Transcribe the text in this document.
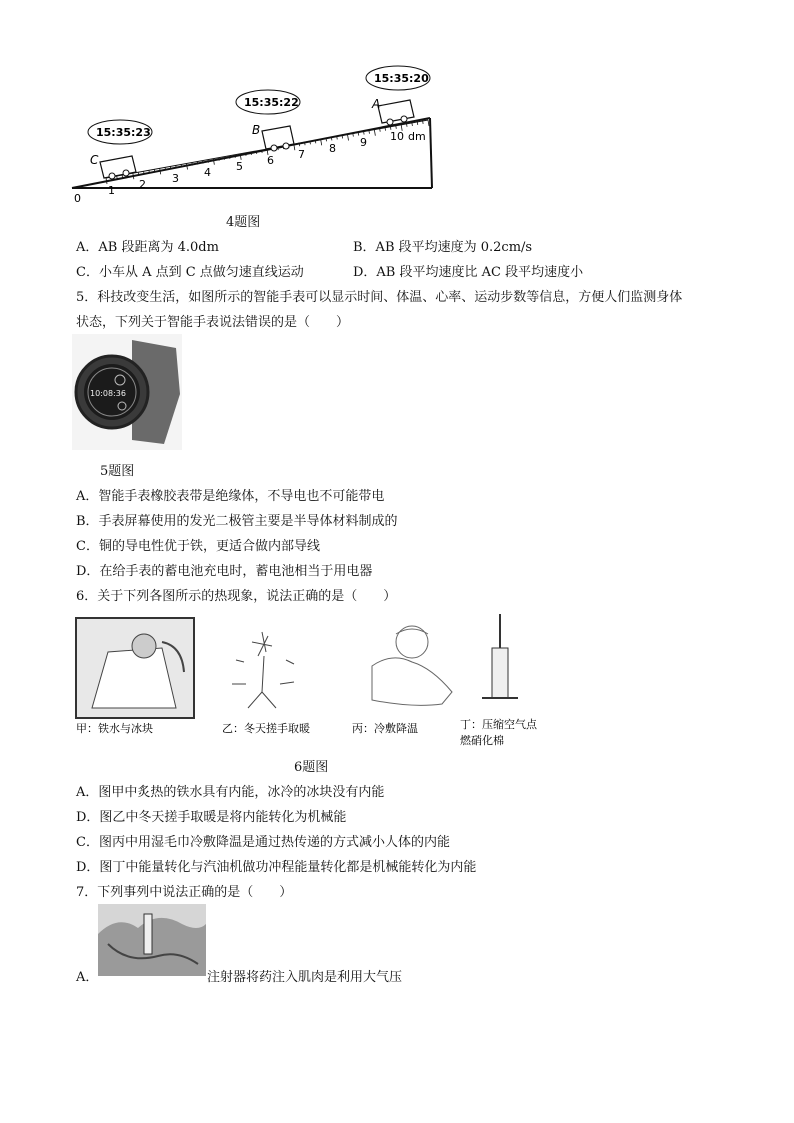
0
1 2 3 4 5 6 7 8 9 10 dm
C
15:35:23	B
15:35:22	A
15:35:20
4题图
A．AB 段距离为 4.0dm	B．AB 段平均速度为 0.2cm/s
C．小车从 A 点到 C 点做匀速直线运动	D．AB 段平均速度比 AC 段平均速度小
5．科技改变生活，如图所示的智能手表可以显示时间、体温、心率、运动步数等信息，方便人们监测身体
状态，下列关于智能手表说法错误的是（　　）
10:08:36
5题图
A．智能手表橡胶表带是绝缘体，不导电也不可能带电
B．手表屏幕使用的发光二极管主要是半导体材料制成的
C．铜的导电性优于铁，更适合做内部导线
D．在给手表的蓄电池充电时，蓄电池相当于用电器
6．关于下列各图所示的热现象，说法正确的是（　　）
甲：铁水与冰块	乙：冬天搓手取暖	丙：冷敷降温	丁：压缩空气点
燃硝化棉
6题图
A．图甲中炙热的铁水具有内能，冰冷的冰块没有内能
D．图乙中冬天搓手取暖是将内能转化为机械能
C．图丙中用湿毛巾冷敷降温是通过热传递的方式减小人体的内能
D．图丁中能量转化与汽油机做功冲程能量转化都是机械能转化为内能
7．下列事列中说法正确的是（　　）
A．	注射器将药注入肌肉是利用大气压
